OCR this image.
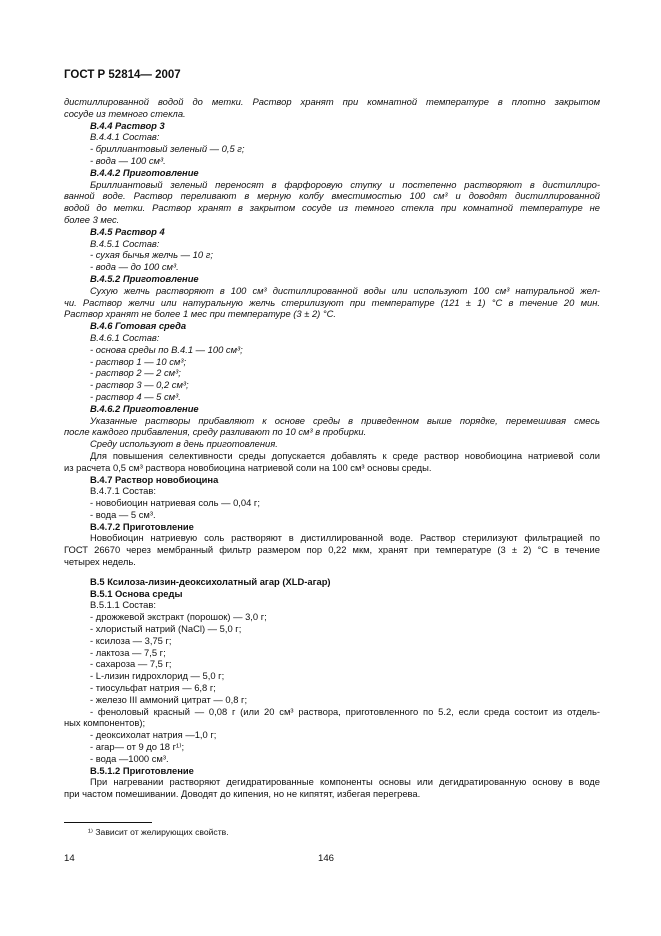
ГОСТ Р 52814— 2007
дистиллированной водой до метки. Раствор хранят при комнатной температуре в плотно закрытом
сосуде из темного стекла.
В.4.4 Раствор 3
В.4.4.1 Состав:
- бриллиантовый зеленый — 0,5 г;
- вода — 100 см³.
В.4.4.2 Приготовление
Бриллиантовый зеленый переносят в фарфоровую ступку и постепенно растворяют в дистиллиро-
ванной воде. Раствор переливают в мерную колбу вместимостью 100 см³ и доводят дистиллированной
водой до метки. Раствор хранят в закрытом сосуде из темного стекла при комнатной температуре не
более 3 мес.
В.4.5 Раствор 4
В.4.5.1 Состав:
- сухая бычья желчь — 10 г;
- вода — до 100 см³.
В.4.5.2 Приготовление
Сухую желчь растворяют в 100 см³ дистиллированной воды или используют 100 см³ натуральной жел-
чи. Раствор желчи или натуральную желчь стерилизуют при температуре (121 ± 1) °С в течение 20 мин.
Раствор хранят не более 1 мес при температуре (3 ± 2) °С.
В.4.6 Готовая среда
В.4.6.1 Состав:
- основа среды по В.4.1 — 100 см³;
- раствор 1 — 10 см³;
- раствор 2 — 2 см³;
- раствор 3 — 0,2 см³;
- раствор 4 — 5 см³.
В.4.6.2 Приготовление
Указанные растворы прибавляют к основе среды в приведенном выше порядке, перемешивая смесь
после каждого прибавления, среду разливают по 10 см³ в пробирки.
Среду используют в день приготовления.
Для повышения селективности среды допускается добавлять к среде раствор новобиоцина натриевой соли
из расчета 0,5 см³ раствора новобиоцина натриевой соли на 100 см³ основы среды.
В.4.7 Раствор новобиоцина
В.4.7.1 Состав:
- новобиоцин натриевая соль — 0,04 г;
- вода — 5 см³.
В.4.7.2 Приготовление
Новобиоцин натриевую соль растворяют в дистиллированной воде. Раствор стерилизуют фильтрацией по
ГОСТ 26670 через мембранный фильтр размером пор 0,22 мкм, хранят при температуре (3 ± 2) °С в течение
четырех недель.
В.5 Ксилоза-лизин-деоксихолатный агар (XLD-агар)
В.5.1 Основа среды
В.5.1.1 Состав:
- дрожжевой экстракт (порошок) — 3,0 г;
- хлористый натрий (NaCl) — 5,0 г;
- ксилоза — 3,75 г;
- лактоза — 7,5 г;
- сахароза — 7,5 г;
- L-лизин гидрохлорид — 5,0 г;
- тиосульфат натрия — 6,8 г;
- железо III аммоний цитрат — 0,8 г;
- феноловый красный — 0,08 г (или 20 см³ раствора, приготовленного по 5.2, если среда состоит из отдель-
ных компонентов);
- деоксихолат натрия —1,0 г;
- агар— от 9 до 18 г¹⁾;
- вода —1000 см³.
В.5.1.2 Приготовление
При нагревании растворяют дегидратированные компоненты основы или дегидратированную основу в воде
при частом помешивании. Доводят до кипения, но не кипятят, избегая перегрева.
¹⁾ Зависит от желирующих свойств.
14	146
